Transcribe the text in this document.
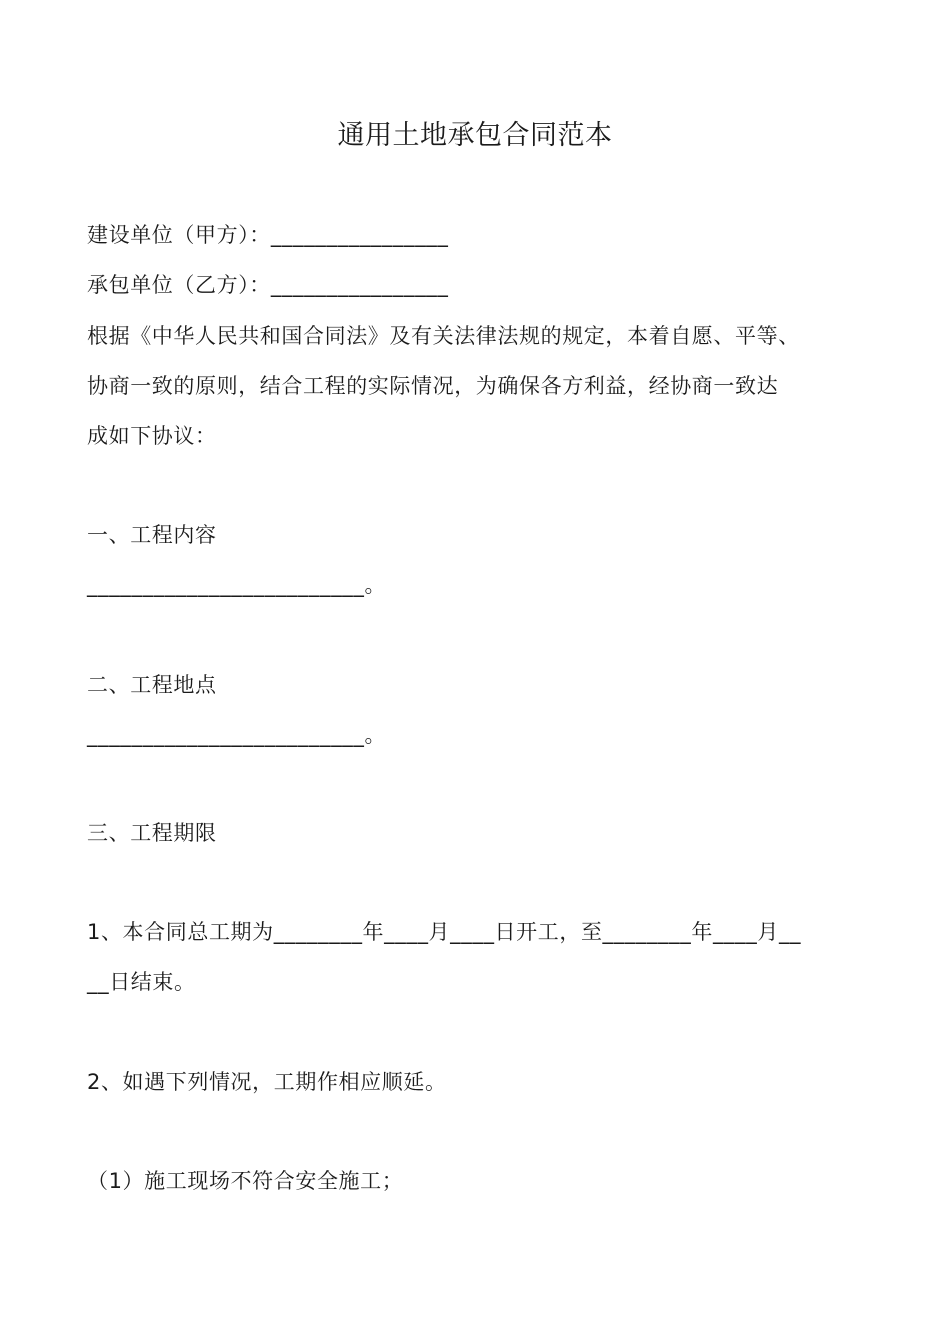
通用土地承包合同范本
建设单位（甲方）：________________
承包单位（乙方）：________________
根据《中华人民共和国合同法》及有关法律法规的规定，本着自愿、平等、
协商一致的原则，结合工程的实际情况，为确保各方利益，经协商一致达
成如下协议：
一、工程内容
_________________________。
二、工程地点
_________________________。
三、工程期限
1、本合同总工期为________年____月____日开工，至________年____月__
__日结束。
2、如遇下列情况，工期作相应顺延。
（1）施工现场不符合安全施工；
